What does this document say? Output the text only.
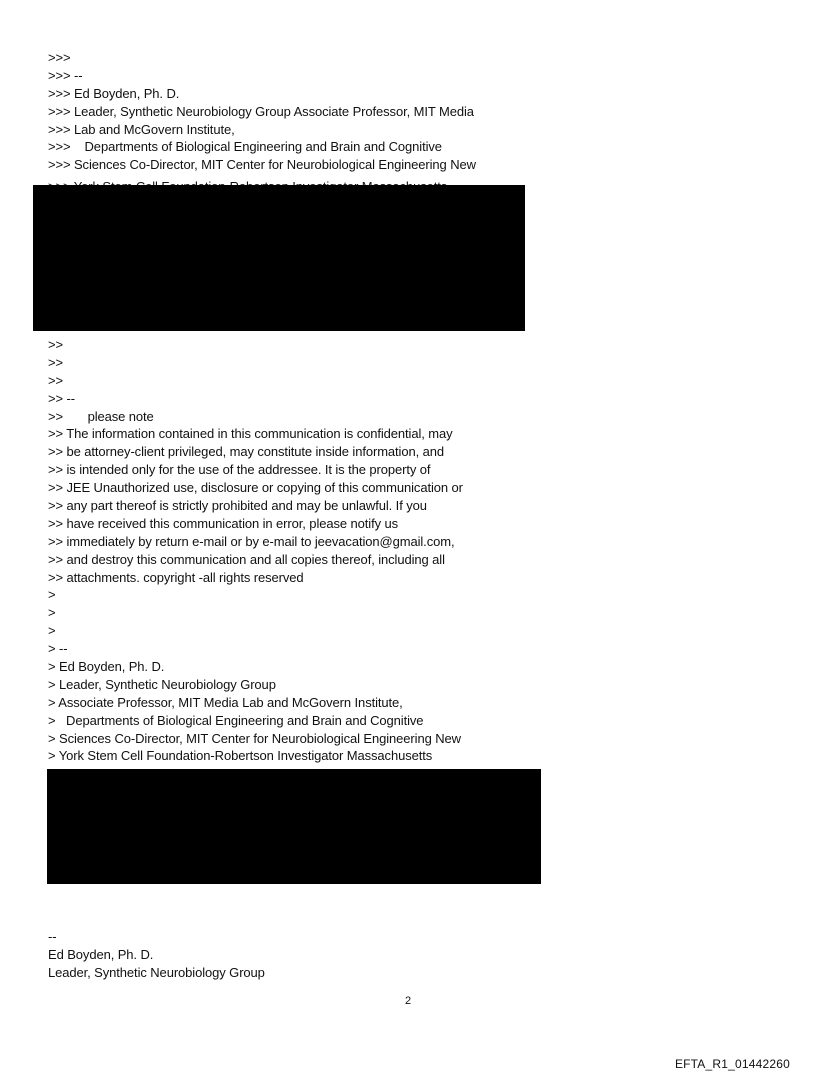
>>>
>>> --
>>> Ed Boyden, Ph. D.
>>> Leader, Synthetic Neurobiology Group Associate Professor, MIT Media
>>> Lab and McGovern Institute,
>>>    Departments of Biological Engineering and Brain and Cognitive
>>> Sciences Co-Director, MIT Center for Neurobiological Engineering New
>>
>>
>>
>> --
>>       please note
>> The information contained in this communication is confidential, may
>> be attorney-client privileged, may constitute inside information, and
>> is intended only for the use of the addressee. It is the property of
>> JEE Unauthorized use, disclosure or copying of this communication or
>> any part thereof is strictly prohibited and may be unlawful. If you
>> have received this communication in error, please notify us
>> immediately by return e-mail or by e-mail to jeevacation@gmail.com,
>> and destroy this communication and all copies thereof, including all
>> attachments. copyright -all rights reserved
>
>
>
> --
> Ed Boyden, Ph. D.
> Leader, Synthetic Neurobiology Group
> Associate Professor, MIT Media Lab and McGovern Institute,
>   Departments of Biological Engineering and Brain and Cognitive
> Sciences Co-Director, MIT Center for Neurobiological Engineering New
> York Stem Cell Foundation-Robertson Investigator Massachusetts

--
Ed Boyden, Ph. D.
Leader, Synthetic Neurobiology Group
2
EFTA_R1_01442260
